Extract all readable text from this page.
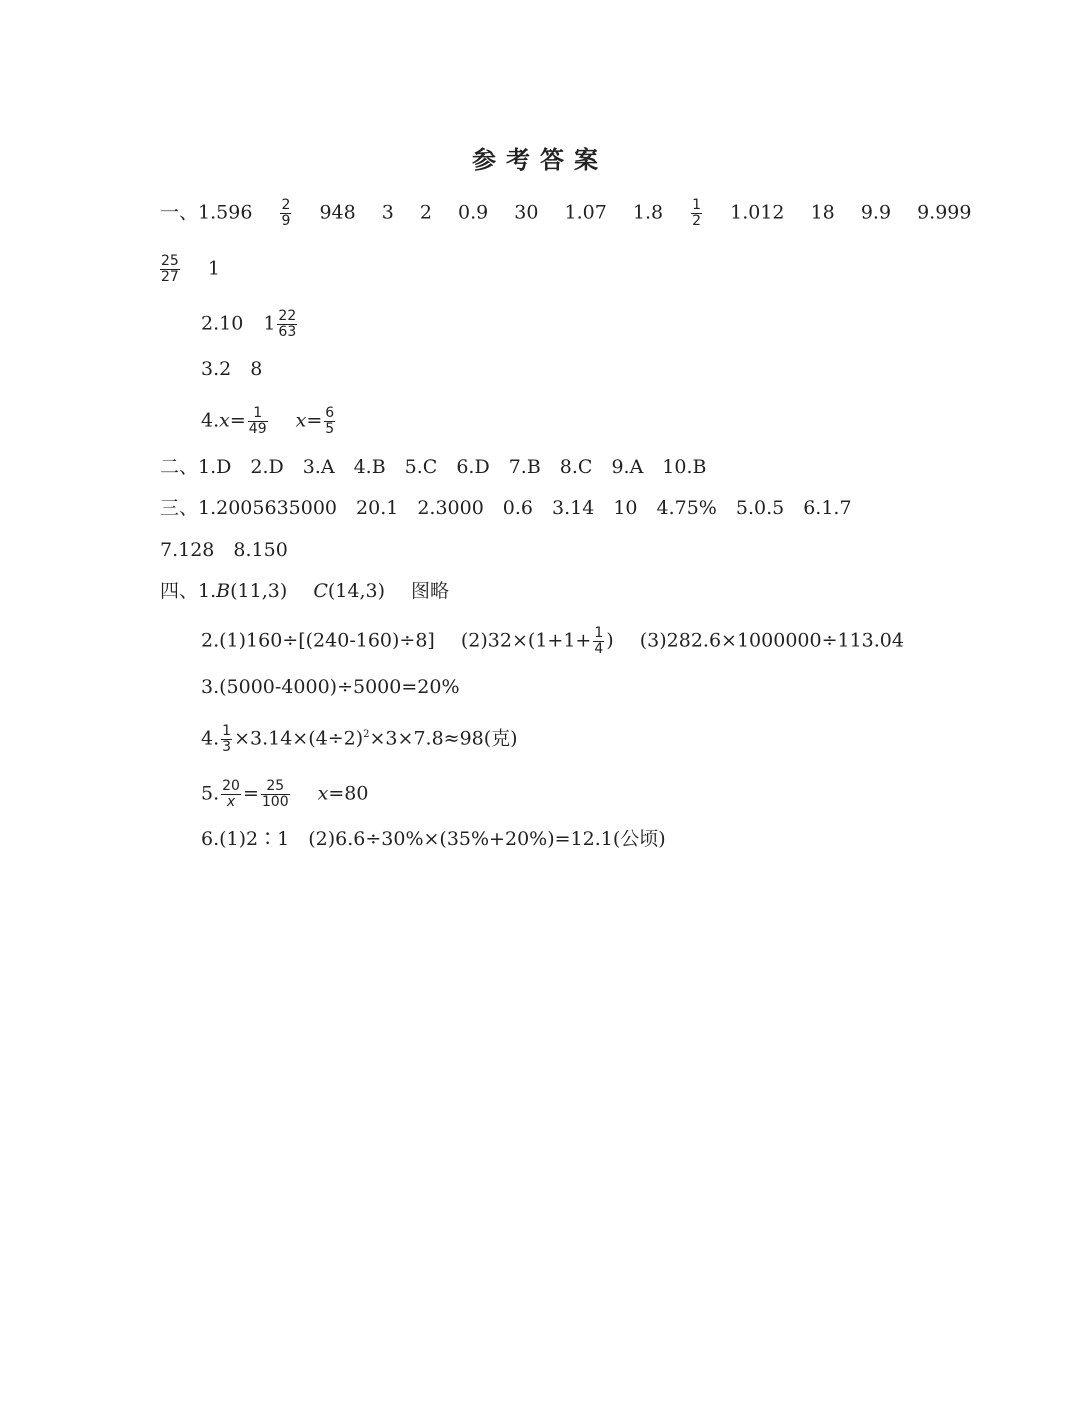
参考答案
一、$1.596 \frac{2}{9} 948$ 3 2 0.9 30 1.07 $1.8 \frac{1}{2} 1.012$ 18 9.9 9.999
$\frac{25}{27} 1$
2.10 $1 \frac{22}{63}$
3.2　8
$4.x= \frac{1}{49} x= \frac{6}{5}$
二、1.D　2.D　3.A　4.B　5.C　6.D　7.B　8.C　9.A　10.B
三、1.2005635000　20.1　2.3000　0.6　3.14　10　4.75%　5.0.5　6.1.7
7.128　8.150
四、1.B(11,3) C(14,3) 图略
2.(1)160÷[(240-160)÷8] $(2)32\times(1+1+ \frac{1}{4}$ ) (3)282.6×1000000÷113.04
3.(5000-4000)÷5000=20%
4. $\frac{1}{3} \times 3.14\times(4\div 2)^2\times 3\times 7.8\approx 98$(克)
5. $\frac{20}{x} = \frac{25}{100} x=80$
6.(1)2∶1　(2)6.6÷30%×(35%+20%)=12.1(公顷)
